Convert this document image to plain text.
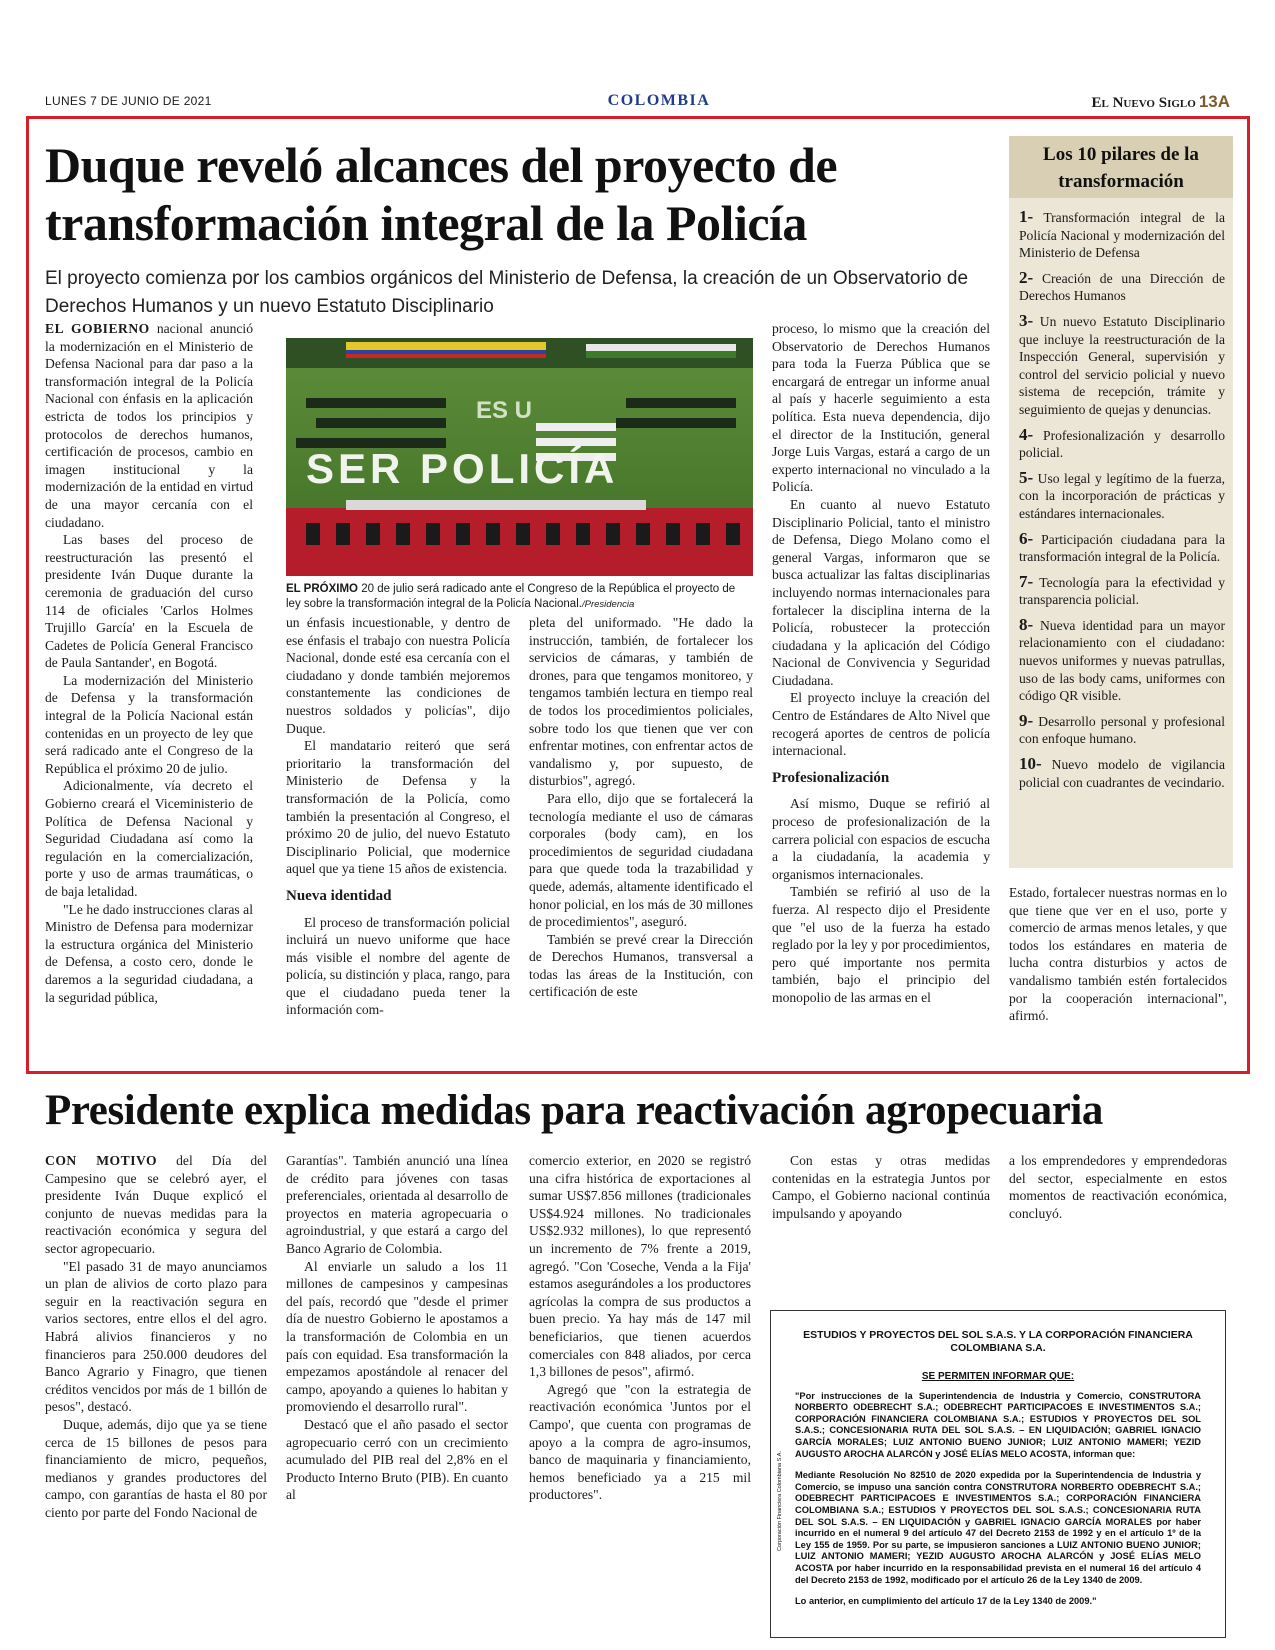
LUNES 7 DE JUNIO DE 2021	COLOMBIA	El Nuevo Siglo 13A
Duque reveló alcances del proyecto de transformación integral de la Policía
El proyecto comienza por los cambios orgánicos del Ministerio de Defensa, la creación de un Observatorio de Derechos Humanos y un nuevo Estatuto Disciplinario

EL GOBIERNO nacional anunció la modernización en el Ministerio de Defensa Nacional para dar paso a la transformación integral de la Policía Nacional con énfasis en la aplicación estricta de todos los principios y protocolos de derechos humanos, certificación de procesos, cambio en imagen institucional y la modernización de la entidad en virtud de una mayor cercanía con el ciudadano.

Las bases del proceso de reestructuración las presentó el presidente Iván Duque durante la ceremonia de graduación del curso 114 de oficiales 'Carlos Holmes Trujillo García' en la Escuela de Cadetes de Policía General Francisco de Paula Santander', en Bogotá.

La modernización del Ministerio de Defensa y la transformación integral de la Policía Nacional están contenidas en un proyecto de ley que será radicado ante el Congreso de la República el próximo 20 de julio.

Adicionalmente, vía decreto el Gobierno creará el Viceministerio de Política de Defensa Nacional y Seguridad Ciudadana así como la regulación en la comercialización, porte y uso de armas traumáticas, o de baja letalidad.

"Le he dado instrucciones claras al Ministro de Defensa para modernizar la estructura orgánica del Ministerio de Defensa, a costo cero, donde le daremos a la seguridad ciudadana, a la seguridad pública,

ES U
SER POLICÍA
EL PRÓXIMO 20 de julio será radicado ante el Congreso de la República el proyecto de ley sobre la transformación integral de la Policía Nacional./Presidencia

un énfasis incuestionable, y dentro de ese énfasis el trabajo con nuestra Policía Nacional, donde esté esa cercanía con el ciudadano y donde también mejoremos constantemente las condiciones de nuestros soldados y policías", dijo Duque.

El mandatario reiteró que será prioritario la transformación del Ministerio de Defensa y la transformación de la Policía, como también la presentación al Congreso, el próximo 20 de julio, del nuevo Estatuto Disciplinario Policial, que modernice aquel que ya tiene 15 años de existencia.

Nueva identidad

El proceso de transformación policial incluirá un nuevo uniforme que hace más visible el nombre del agente de policía, su distinción y placa, rango, para que el ciudadano pueda tener la información com-

pleta del uniformado. "He dado la instrucción, también, de fortalecer los servicios de cámaras, y también de drones, para que tengamos monitoreo, y tengamos también lectura en tiempo real de todos los procedimientos policiales, sobre todo los que tienen que ver con enfrentar motines, con enfrentar actos de vandalismo y, por supuesto, de disturbios", agregó.

Para ello, dijo que se fortalecerá la tecnología mediante el uso de cámaras corporales (body cam), en los procedimientos de seguridad ciudadana para que quede toda la trazabilidad y quede, además, altamente identificado el honor policial, en los más de 30 millones de procedimientos", aseguró.

También se prevé crear la Dirección de Derechos Humanos, transversal a todas las áreas de la Institución, con certificación de este

proceso, lo mismo que la creación del Observatorio de Derechos Humanos para toda la Fuerza Pública que se encargará de entregar un informe anual al país y hacerle seguimiento a esta política. Esta nueva dependencia, dijo el director de la Institución, general Jorge Luis Vargas, estará a cargo de un experto internacional no vinculado a la Policía.

En cuanto al nuevo Estatuto Disciplinario Policial, tanto el ministro de Defensa, Diego Molano como el general Vargas, informaron que se busca actualizar las faltas disciplinarias incluyendo normas internacionales para fortalecer la disciplina interna de la Policía, robustecer la protección ciudadana y la aplicación del Código Nacional de Convivencia y Seguridad Ciudadana.

El proyecto incluye la creación del Centro de Estándares de Alto Nivel que recogerá aportes de centros de policía internacional.

Profesionalización

Así mismo, Duque se refirió al proceso de profesionalización de la carrera policial con espacios de escucha a la ciudadanía, la academia y organismos internacionales.

También se refirió al uso de la fuerza. Al respecto dijo el Presidente que "el uso de la fuerza ha estado reglado por la ley y por procedimientos, pero qué importante nos permita también, bajo el principio del monopolio de las armas en el

Estado, fortalecer nuestras normas en lo que tiene que ver en el uso, porte y comercio de armas menos letales, y que todos los estándares en materia de lucha contra disturbios y actos de vandalismo también estén fortalecidos por la cooperación internacional", afirmó.

Los 10 pilares de la transformación
1- Transformación integral de la Policía Nacional y modernización del Ministerio de Defensa
2- Creación de una Dirección de Derechos Humanos
3- Un nuevo Estatuto Disciplinario que incluye la reestructuración de la Inspección General, supervisión y control del servicio policial y nuevo sistema de recepción, trámite y seguimiento de quejas y denuncias.
4- Profesionalización y desarrollo policial.
5- Uso legal y legítimo de la fuerza, con la incorporación de prácticas y estándares internacionales.
6- Participación ciudadana para la transformación integral de la Policía.
7- Tecnología para la efectividad y transparencia policial.
8- Nueva identidad para un mayor relacionamiento con el ciudadano: nuevos uniformes y nuevas patrullas, uso de las body cams, uniformes con código QR visible.
9- Desarrollo personal y profesional con enfoque humano.
10- Nuevo modelo de vigilancia policial con cuadrantes de vecindario.
Presidente explica medidas para reactivación agropecuaria

CON MOTIVO del Día del Campesino que se celebró ayer, el presidente Iván Duque explicó el conjunto de nuevas medidas para la reactivación económica y segura del sector agropecuario.

"El pasado 31 de mayo anunciamos un plan de alivios de corto plazo para seguir en la reactivación segura en varios sectores, entre ellos el del agro. Habrá alivios financieros y no financieros para 250.000 deudores del Banco Agrario y Finagro, que tienen créditos vencidos por más de 1 billón de pesos", destacó.

Duque, además, dijo que ya se tiene cerca de 15 billones de pesos para financiamiento de micro, pequeños, medianos y grandes productores del campo, con garantías de hasta el 80 por ciento por parte del Fondo Nacional de

Garantías". También anunció una línea de crédito para jóvenes con tasas preferenciales, orientada al desarrollo de proyectos en materia agropecuaria o agroindustrial, y que estará a cargo del Banco Agrario de Colombia.

Al enviarle un saludo a los 11 millones de campesinos y campesinas del país, recordó que "desde el primer día de nuestro Gobierno le apostamos a la transformación de Colombia en un país con equidad. Esa transformación la empezamos apostándole al renacer del campo, apoyando a quienes lo habitan y promoviendo el desarrollo rural".

Destacó que el año pasado el sector agropecuario cerró con un crecimiento acumulado del PIB real del 2,8% en el Producto Interno Bruto (PIB). En cuanto al

comercio exterior, en 2020 se registró una cifra histórica de exportaciones al sumar US$7.856 millones (tradicionales US$4.924 millones. No tradicionales US$2.932 millones), lo que representó un incremento de 7% frente a 2019, agregó. "Con 'Coseche, Venda a la Fija' estamos asegurándoles a los productores agrícolas la compra de sus productos a buen precio. Ya hay más de 147 mil beneficiarios, que tienen acuerdos comerciales con 848 aliados, por cerca 1,3 billones de pesos", afirmó.

Agregó que "con la estrategia de reactivación económica 'Juntos por el Campo', que cuenta con programas de apoyo a la compra de agro-insumos, banco de maquinaria y financiamiento, hemos beneficiado ya a 215 mil productores".

Con estas y otras medidas contenidas en la estrategia Juntos por Campo, el Gobierno nacional continúa impulsando y apoyando

a los emprendedores y emprendedoras del sector, especialmente en estos momentos de reactivación económica, concluyó.

Corporación Financiera Colombiana S.A.
ESTUDIOS Y PROYECTOS DEL SOL S.A.S. Y LA CORPORACIÓN FINANCIERA COLOMBIANA S.A.
SE PERMITEN INFORMAR QUE:

"Por instrucciones de la Superintendencia de Industria y Comercio, CONSTRUTORA NORBERTO ODEBRECHT S.A.; ODEBRECHT PARTICIPACOES E INVESTIMENTOS S.A.; CORPORACIÓN FINANCIERA COLOMBIANA S.A.; ESTUDIOS Y PROYECTOS DEL SOL S.A.S.; CONCESIONARIA RUTA DEL SOL S.A.S. – EN LIQUIDACIÓN; GABRIEL IGNACIO GARCÍA MORALES; LUIZ ANTONIO BUENO JUNIOR; LUIZ ANTONIO MAMERI; YEZID AUGUSTO AROCHA ALARCÓN y JOSÉ ELÍAS MELO ACOSTA, informan que:

Mediante Resolución No 82510 de 2020 expedida por la Superintendencia de Industria y Comercio, se impuso una sanción contra CONSTRUTORA NORBERTO ODEBRECHT S.A.; ODEBRECHT PARTICIPACOES E INVESTIMENTOS S.A.; CORPORACIÓN FINANCIERA COLOMBIANA S.A.; ESTUDIOS Y PROYECTOS DEL SOL S.A.S.; CONCESIONARIA RUTA DEL SOL S.A.S. – EN LIQUIDACIÓN y GABRIEL IGNACIO GARCÍA MORALES por haber incurrido en el numeral 9 del artículo 47 del Decreto 2153 de 1992 y en el artículo 1º de la Ley 155 de 1959. Por su parte, se impusieron sanciones a LUIZ ANTONIO BUENO JUNIOR; LUIZ ANTONIO MAMERI; YEZID AUGUSTO AROCHA ALARCÓN y JOSÉ ELÍAS MELO ACOSTA por haber incurrido en la responsabilidad prevista en el numeral 16 del artículo 4 del Decreto 2153 de 1992, modificado por el artículo 26 de la Ley 1340 de 2009.

Lo anterior, en cumplimiento del artículo 17 de la Ley 1340 de 2009."
